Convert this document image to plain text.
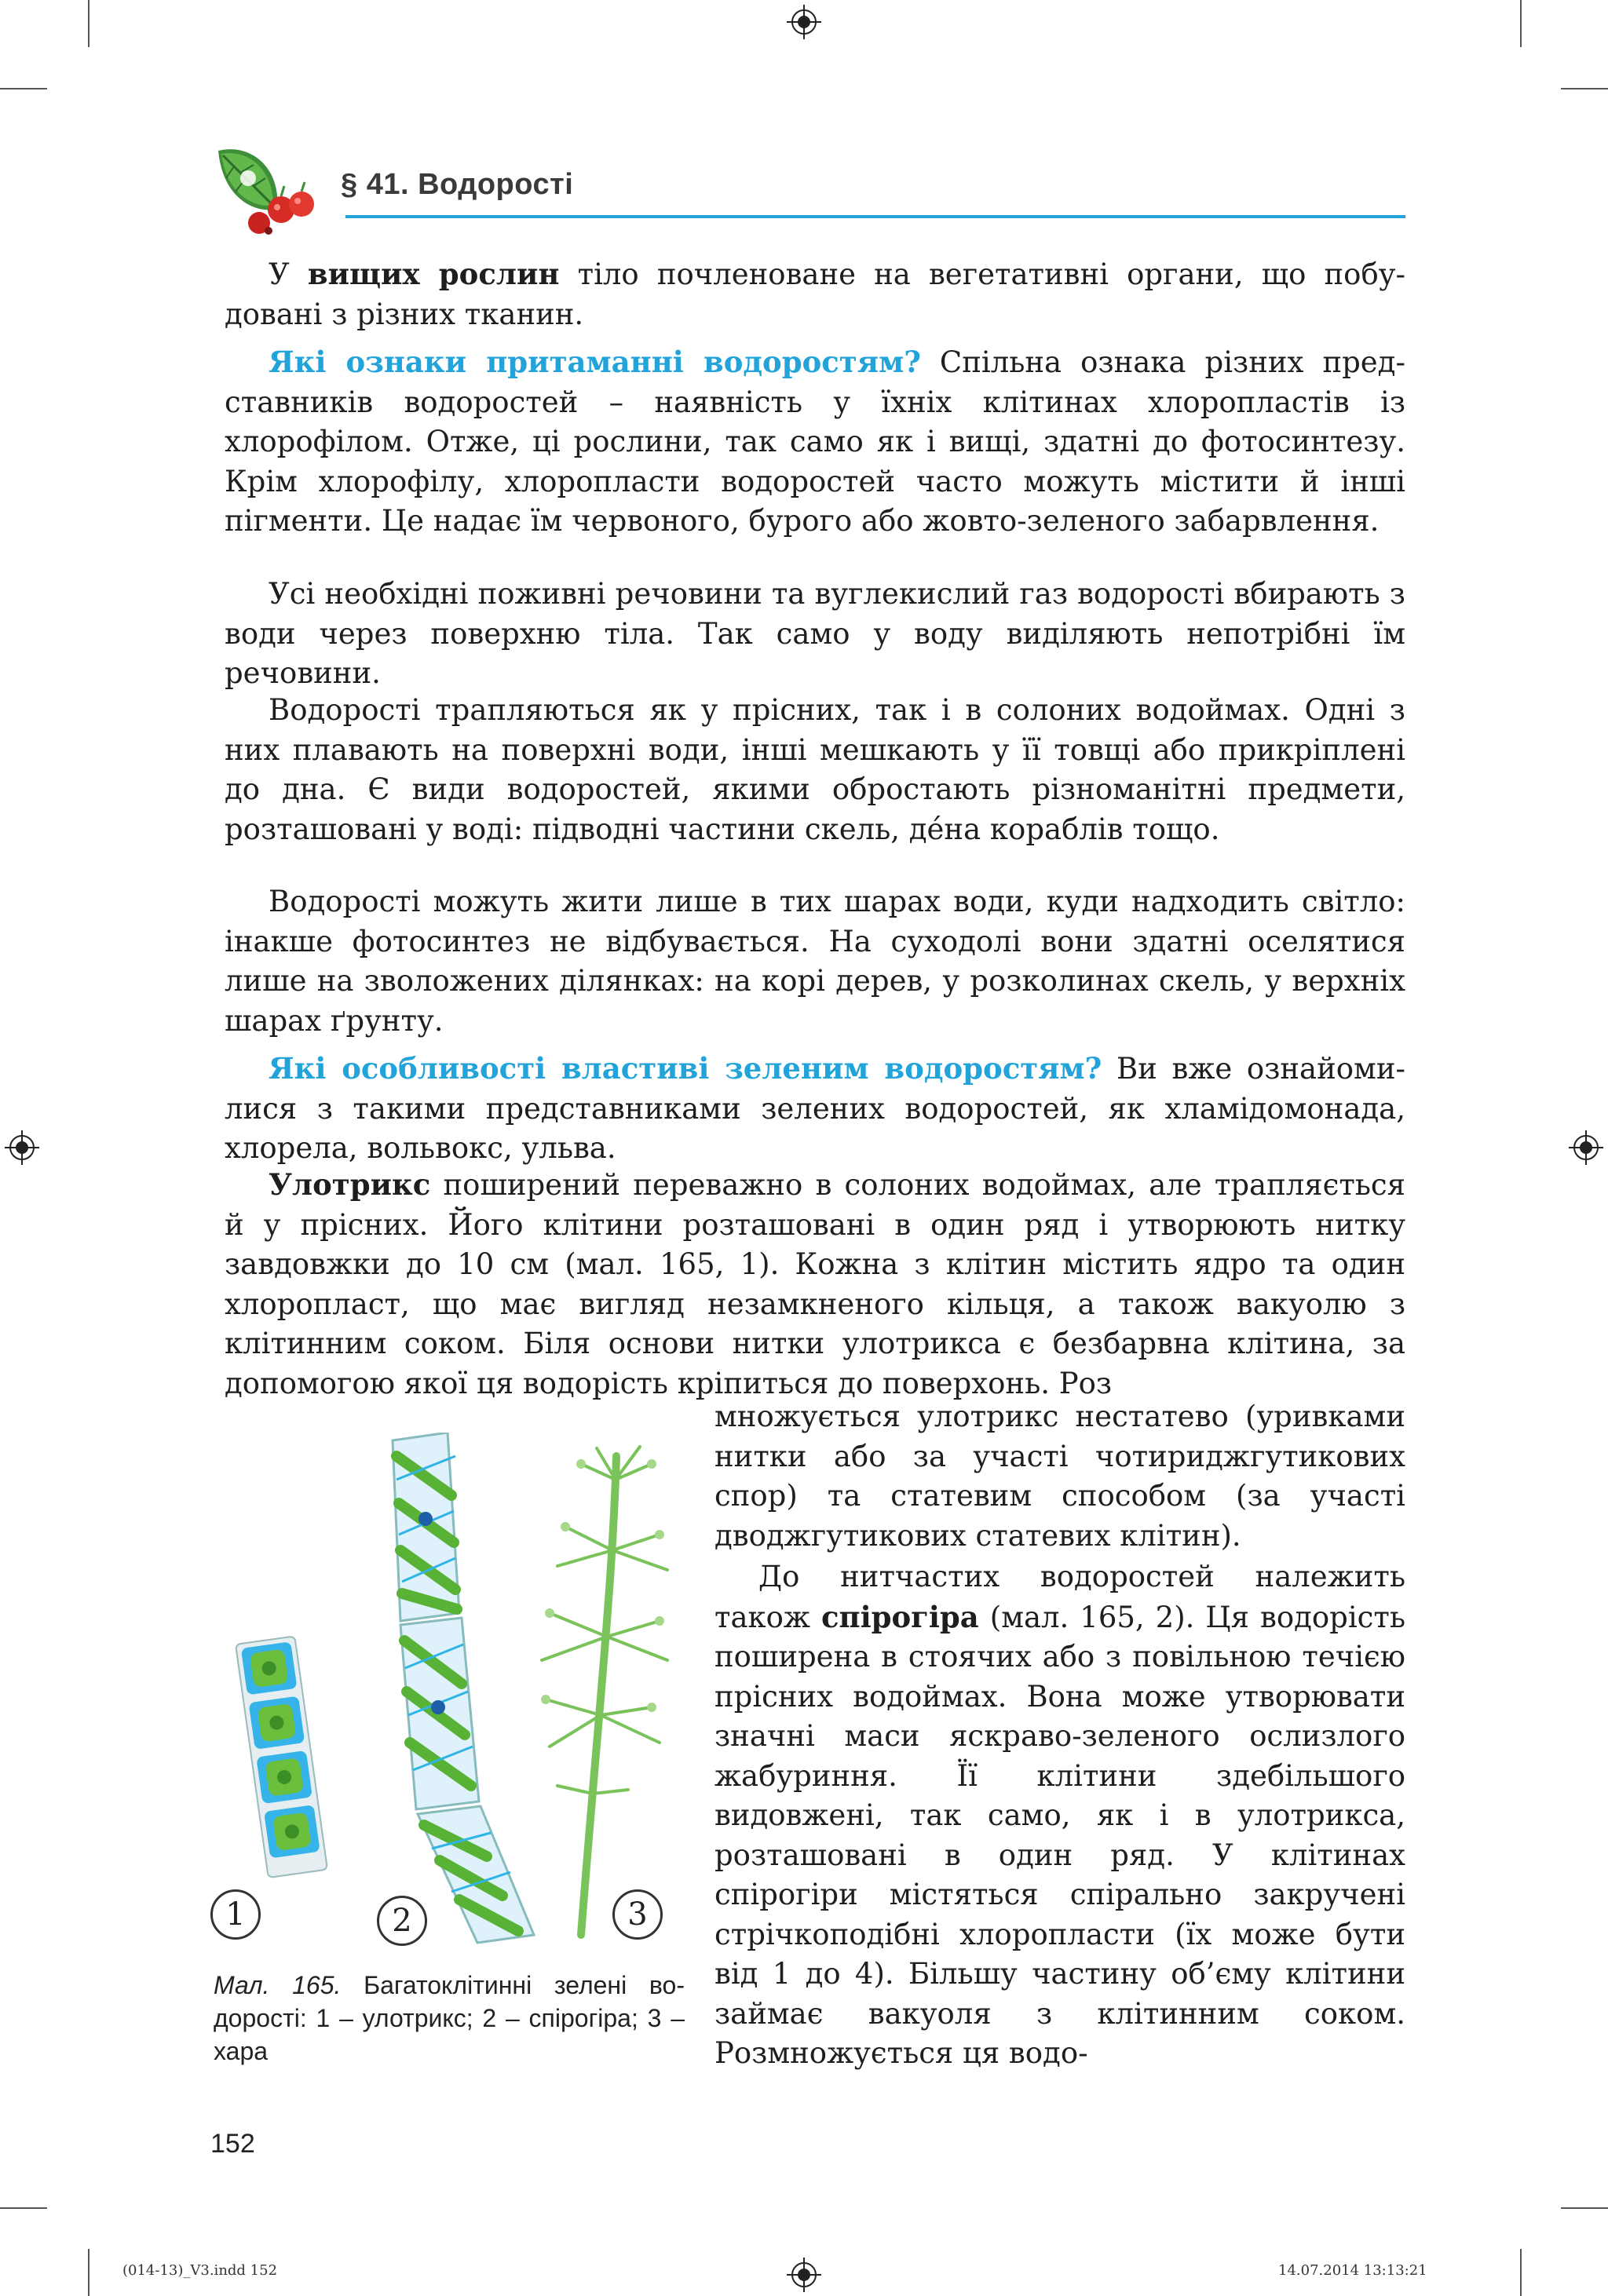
§ 41. Водорості

У вищих рослин тіло почленоване на вегетативні органи, що побудовані з різних тканин.

Які ознаки притаманні водоростям? Спільна ознака різних представників водоростей – наявність у їхніх клітинах хлоропластів із хлорофілом. Отже, ці рослини, так само як і вищі, здатні до фотосинтезу. Крім хлорофілу, хлоропласти водоростей часто можуть містити й інші пігменти. Це надає їм червоного, бурого або жовто-зеленого забарвлення.

Усі необхідні поживні речовини та вуглекислий газ водорості вбирають з води через поверхню тіла. Так само у воду виділяють непотрібні їм речовини.

Водорості трапляються як у прісних, так і в солоних водоймах. Одні з них плавають на поверхні води, інші мешкають у її товщі або прикріплені до дна. Є види водоростей, якими обростають різноманітні предмети, розташовані у воді: підводні частини скель, де́на кораблів тощо.

Водорості можуть жити лише в тих шарах води, куди надходить світло: інакше фотосинтез не відбувається. На суходолі вони здатні оселятися лише на зволожених ділянках: на корі дерев, у розколинах скель, у верхніх шарах ґрунту.

Які особливості властиві зеленим водоростям? Ви вже ознайомилися з такими представниками зелених водоростей, як хламідомонада, хлорела, вольвокс, ульва.

Улотрикс поширений переважно в солоних водоймах, але трапляється й у прісних. Його клітини розташовані в один ряд і утворюють нитку завдовжки до 10 см (мал. 165, 1). Кожна з клітин містить ядро та один хлоропласт, що має вигляд незамкненого кільця, а також вакуолю з клітинним соком. Біля основи нитки улотрикса є безбарвна клітина, за допомогою якої ця водорість кріпиться до поверхонь. Роз

множується улотрикс нестатево (уривками нитки або за участі чотириджгутикових спор) та статевим способом (за участі дводжгутикових статевих клітин).

До нитчастих водоростей належить також спірогіра (мал. 165, 2). Ця водорість поширена в стоячих або з повільною течією прісних водоймах. Вона може утворювати значні маси яскраво-зеленого ослизлого жабуриння. Її клітини здебільшого видовжені, так само, як і в улотрикса, розташовані в один ряд. У клітинах спірогіри містяться спірально закручені стрічкоподібні хлоропласти (їх може бути від 1 до 4). Більшу частину об’єму клітини займає вакуоля з клітинним соком. Розмножується ця водо-

1	2	3
Мал. 165. Багатоклітинні зелені водорості: 1 – улотрикс; 2 – спірогіра; 3 – хара
152
(014-13)_V3.indd 152	14.07.2014 13:13:21
